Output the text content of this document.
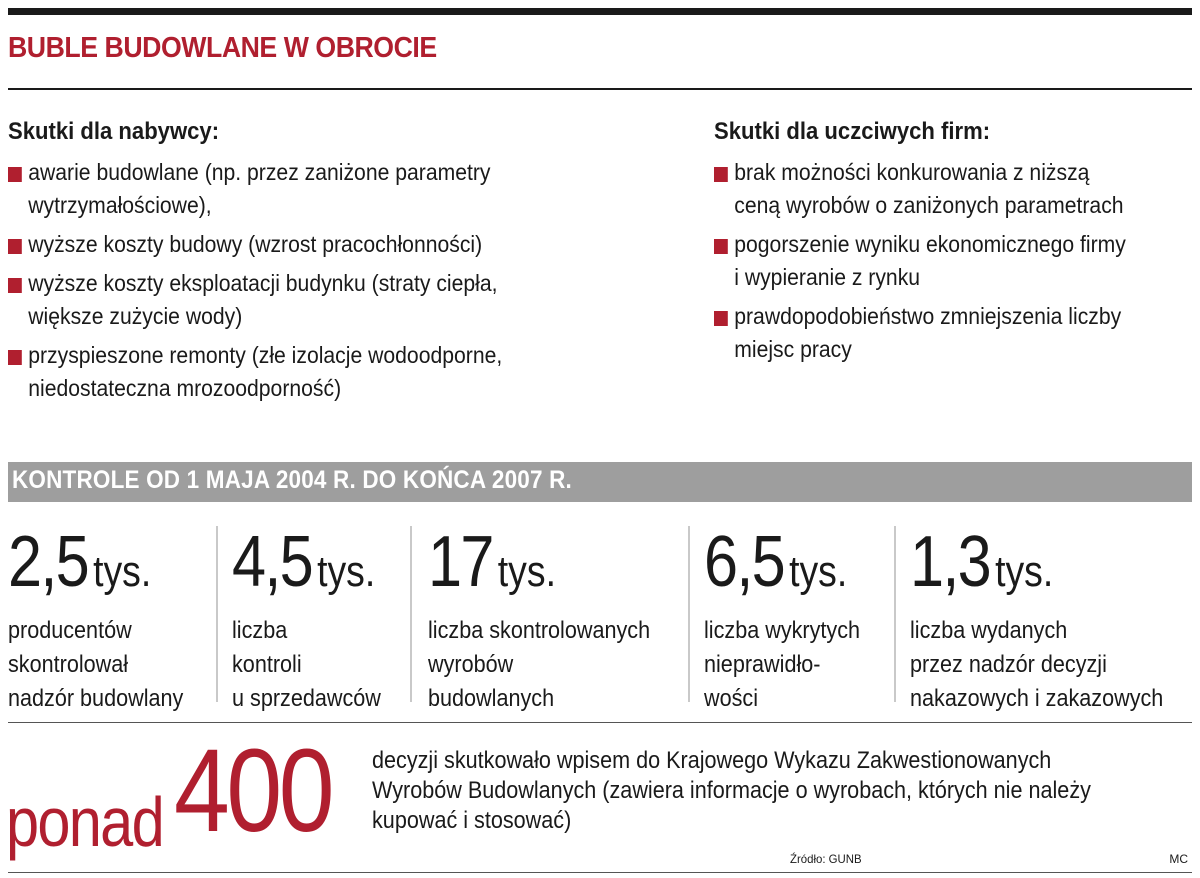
BUBLE BUDOWLANE W OBROCIE
Skutki dla nabywcy:
awarie budowlane (np. przez zaniżone parametry
wytrzymałościowe),
wyższe koszty budowy (wzrost pracochłonności)
wyższe koszty eksploatacji budynku (straty ciepła,
większe zużycie wody)
przyspieszone remonty (złe izolacje wodoodporne,
niedostateczna mrozoodporność)
Skutki dla uczciwych firm:
brak możności konkurowania z niższą
ceną wyrobów o zaniżonych parametrach
pogorszenie wyniku ekonomicznego firmy
i wypieranie z rynku
prawdopodobieństwo zmniejszenia liczby
miejsc pracy
KONTROLE OD 1 MAJA 2004 R. DO KOŃCA 2007 R.
2,5 tys.
producentów
skontrolował
nadzór budowlany
4,5 tys.
liczba
kontroli
u sprzedawców
17 tys.
liczba skontrolowanych
wyrobów
budowlanych
6,5 tys.
liczba wykrytych
nieprawidło-
wości
1,3 tys.
liczba wydanych
przez nadzór decyzji
nakazowych i zakazowych
ponad 400 decyzji skutkowało wpisem do Krajowego Wykazu Zakwestionowanych
Wyrobów Budowlanych (zawiera informacje o wyrobach, których nie należy
kupować i stosować)
Źródło: GUNB	MC
